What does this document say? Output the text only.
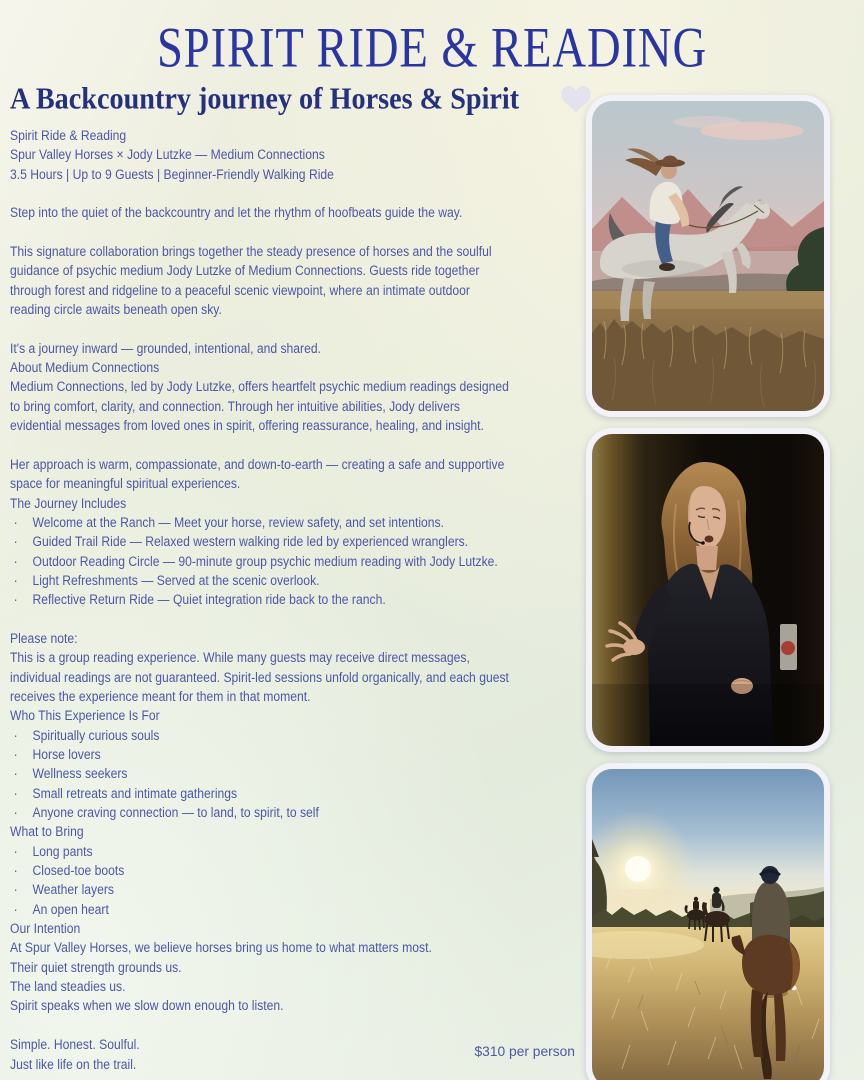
SPIRIT RIDE & READING
A Backcountry journey of Horses & Spirit
Spirit Ride & Reading
Spur Valley Horses × Jody Lutzke — Medium Connections
3.5 Hours | Up to 9 Guests | Beginner-Friendly Walking Ride
Step into the quiet of the backcountry and let the rhythm of hoofbeats guide the way.
This signature collaboration brings together the steady presence of horses and the soulful
guidance of psychic medium Jody Lutzke of Medium Connections. Guests ride together
through forest and ridgeline to a peaceful scenic viewpoint, where an intimate outdoor
reading circle awaits beneath open sky.
It's a journey inward — grounded, intentional, and shared.
About Medium Connections
Medium Connections, led by Jody Lutzke, offers heartfelt psychic medium readings designed
to bring comfort, clarity, and connection. Through her intuitive abilities, Jody delivers
evidential messages from loved ones in spirit, offering reassurance, healing, and insight.
Her approach is warm, compassionate, and down-to-earth — creating a safe and supportive
space for meaningful spiritual experiences.
The Journey Includes
· Welcome at the Ranch — Meet your horse, review safety, and set intentions.
· Guided Trail Ride — Relaxed western walking ride led by experienced wranglers.
· Outdoor Reading Circle — 90-minute group psychic medium reading with Jody Lutzke.
· Light Refreshments — Served at the scenic overlook.
· Reflective Return Ride — Quiet integration ride back to the ranch.
Please note:
This is a group reading experience. While many guests may receive direct messages,
individual readings are not guaranteed. Spirit-led sessions unfold organically, and each guest
receives the experience meant for them in that moment.
Who This Experience Is For
· Spiritually curious souls
· Horse lovers
· Wellness seekers
· Small retreats and intimate gatherings
· Anyone craving connection — to land, to spirit, to self
What to Bring
· Long pants
· Closed-toe boots
· Weather layers
· An open heart
Our Intention
At Spur Valley Horses, we believe horses bring us home to what matters most.
Their quiet strength grounds us.
The land steadies us.
Spirit speaks when we slow down enough to listen.
Simple. Honest. Soulful.
Just like life on the trail.
$310 per person
